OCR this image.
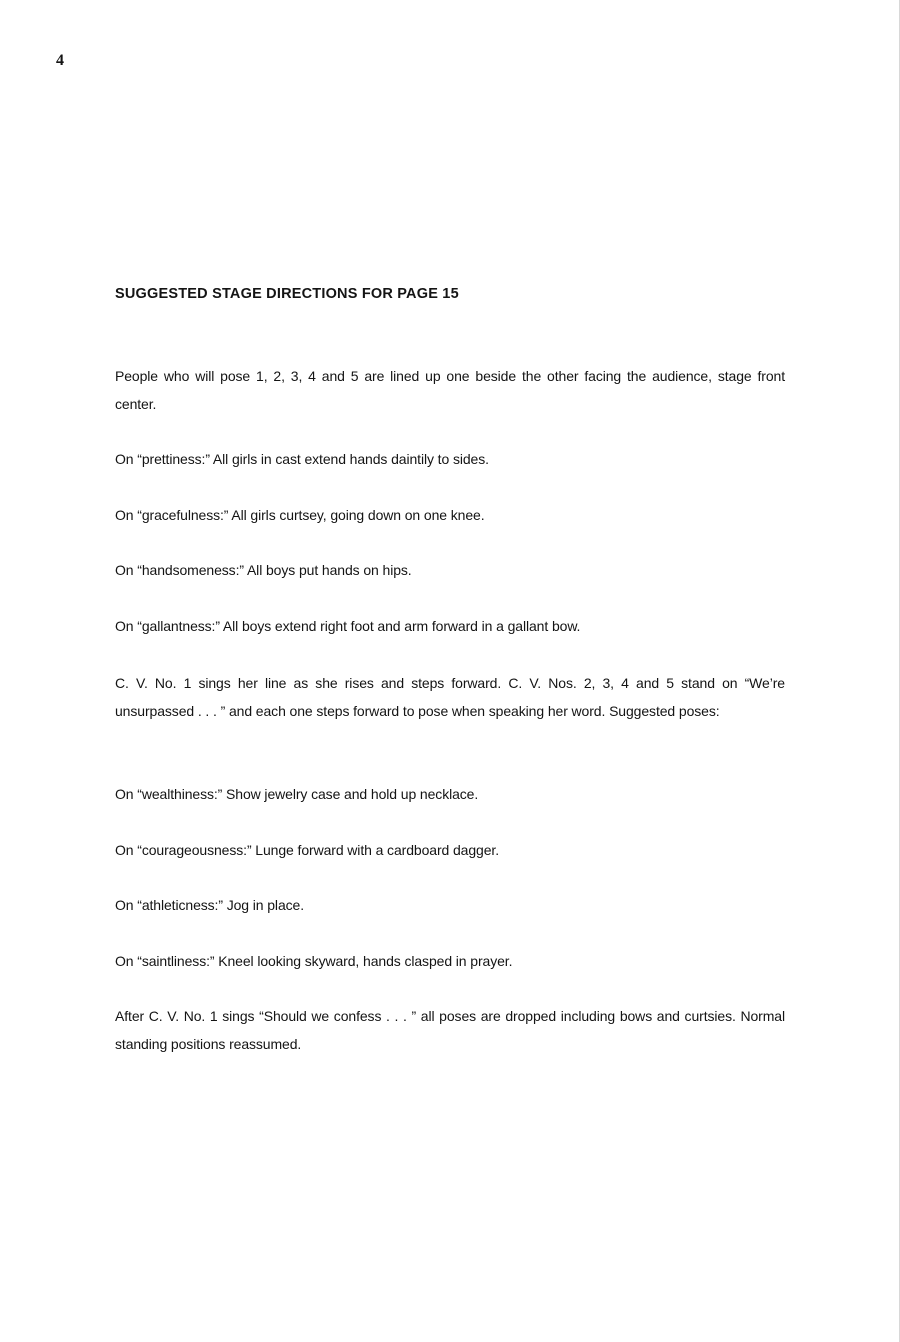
4
SUGGESTED STAGE DIRECTIONS FOR PAGE 15

People who will pose 1, 2, 3, 4 and 5 are lined up one beside the other facing the audience, stage front center.

On “prettiness:” All girls in cast extend hands daintily to sides.

On “gracefulness:” All girls curtsey, going down on one knee.

On “handsomeness:” All boys put hands on hips.

On “gallantness:” All boys extend right foot and arm forward in a gallant bow.

C. V. No. 1 sings her line as she rises and steps forward. C. V. Nos. 2, 3, 4 and 5 stand on “We’re unsurpassed . . . ” and each one steps forward to pose when speaking her word. Suggested poses:

On “wealthiness:” Show jewelry case and hold up necklace.

On “courageousness:” Lunge forward with a cardboard dagger.

On “athleticness:” Jog in place.

On “saintliness:” Kneel looking skyward, hands clasped in prayer.

After C. V. No. 1 sings “Should we confess . . . ” all poses are dropped including bows and curtsies. Normal standing positions reassumed.
